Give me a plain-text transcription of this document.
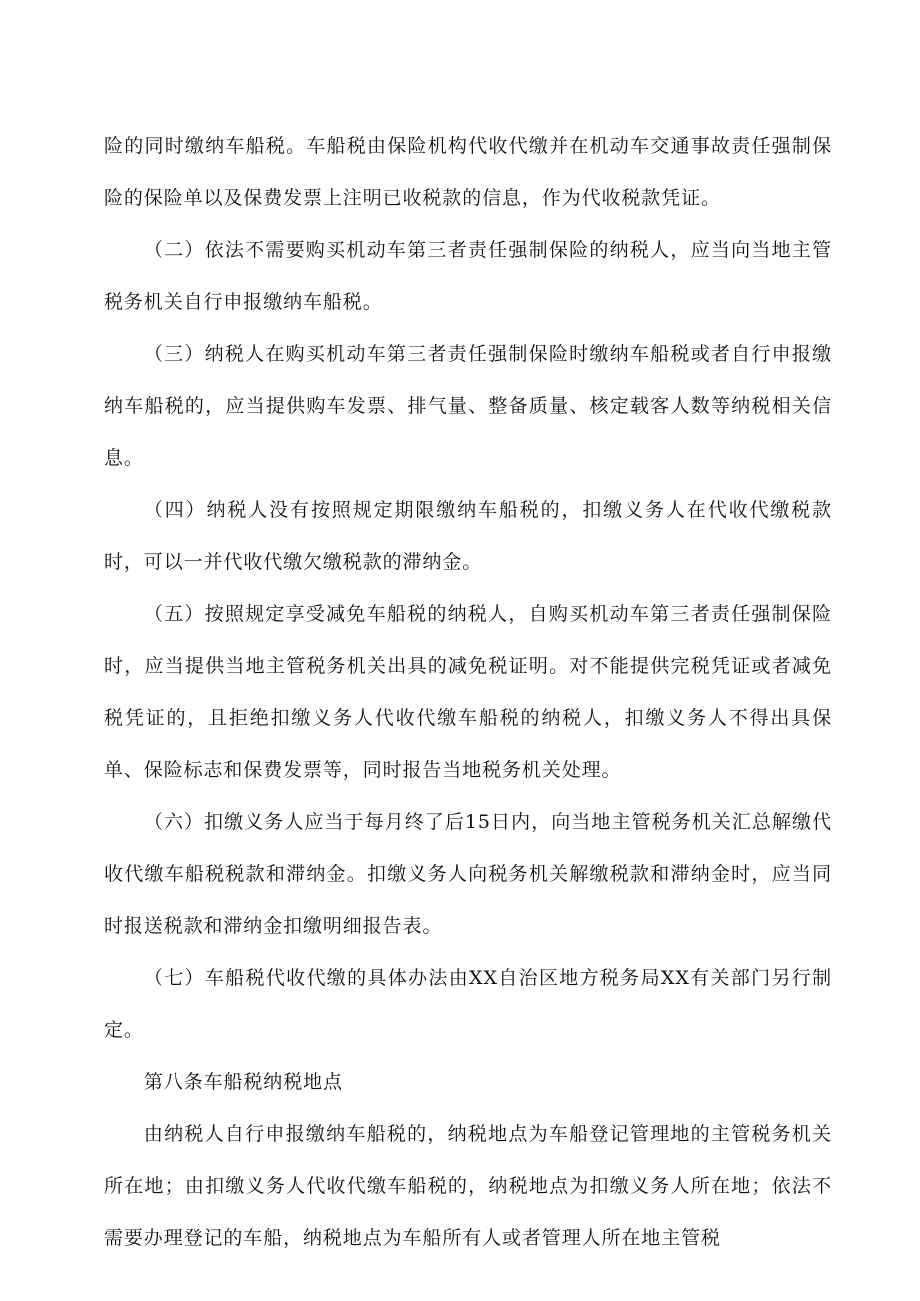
险的同时缴纳车船税。车船税由保险机构代收代缴并在机动车交通事故责任强制保险的保险单以及保费发票上注明已收税款的信息，作为代收税款凭证。

（二）依法不需要购买机动车第三者责任强制保险的纳税人，应当向当地主管税务机关自行申报缴纳车船税。

（三）纳税人在购买机动车第三者责任强制保险时缴纳车船税或者自行申报缴纳车船税的，应当提供购车发票、排气量、整备质量、核定载客人数等纳税相关信息。

（四）纳税人没有按照规定期限缴纳车船税的，扣缴义务人在代收代缴税款时，可以一并代收代缴欠缴税款的滞纳金。

（五）按照规定享受减免车船税的纳税人，自购买机动车第三者责任强制保险时，应当提供当地主管税务机关出具的减免税证明。对不能提供完税凭证或者减免税凭证的，且拒绝扣缴义务人代收代缴车船税的纳税人，扣缴义务人不得出具保单、保险标志和保费发票等，同时报告当地税务机关处理。

（六）扣缴义务人应当于每月终了后15日内，向当地主管税务机关汇总解缴代收代缴车船税税款和滞纳金。扣缴义务人向税务机关解缴税款和滞纳金时，应当同时报送税款和滞纳金扣缴明细报告表。

（七）车船税代收代缴的具体办法由XX自治区地方税务局XX有关部门另行制定。

第八条车船税纳税地点

由纳税人自行申报缴纳车船税的，纳税地点为车船登记管理地的主管税务机关所在地；由扣缴义务人代收代缴车船税的，纳税地点为扣缴义务人所在地；依法不需要办理登记的车船，纳税地点为车船所有人或者管理人所在地主管税
